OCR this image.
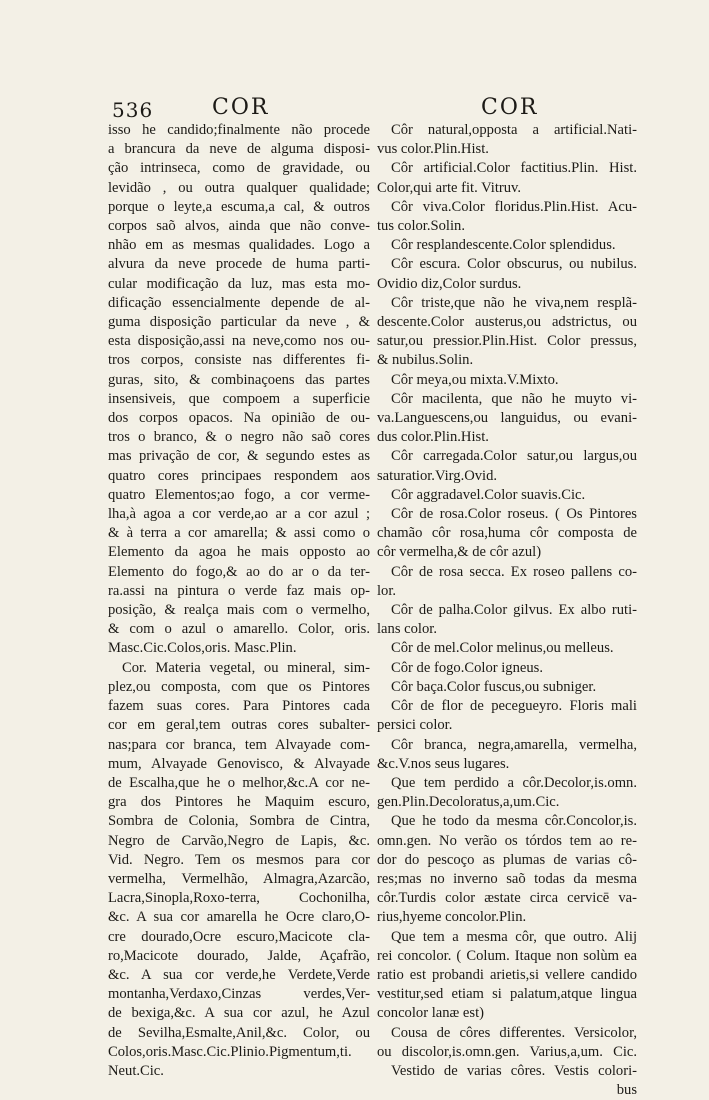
536	COR	COR
isso he candido;finalmente não procede
a brancura da neve de alguma disposi-
ção intrinseca, como de gravidade, ou
levidão , ou outra qualquer qualidade;
porque o leyte,a escuma,a cal, & outros
corpos saõ alvos, ainda que não conve-
nhão em as mesmas qualidades. Logo a
alvura da neve procede de huma parti-
cular modificação da luz, mas esta mo-
dificação essencialmente depende de al-
guma disposição particular da neve , &
esta disposição,assi na neve,como nos ou-
tros corpos, consiste nas differentes fi-
guras, sito, & combinaçoens das partes
insensiveis, que compoem a superficie
dos corpos opacos. Na opinião de ou-
tros o branco, & o negro não saõ cores
mas privação de cor, & segundo estes as
quatro cores principaes respondem aos
quatro Elementos;ao fogo, a cor verme-
lha,à agoa a cor verde,ao ar a cor azul ;
& à terra a cor amarella; & assi como o
Elemento da agoa he mais opposto ao
Elemento do fogo,& ao do ar o da ter-
ra.assi na pintura o verde faz mais op-
posição, & realça mais com o vermelho,
& com o azul o amarello. Color, oris.
Masc.Cic.Colos,oris. Masc.Plin.
Cor. Materia vegetal, ou mineral, sim-
plez,ou composta, com que os Pintores
fazem suas cores. Para Pintores cada
cor em geral,tem outras cores subalter-
nas;para cor branca, tem Alvayade com-
mum, Alvayade Genovisco, & Alvayade
de Escalha,que he o melhor,&c.A cor ne-
gra dos Pintores he Maquim escuro,
Sombra de Colonia, Sombra de Cintra,
Negro de Carvão,Negro de Lapis, &c.
Vid. Negro. Tem os mesmos para cor
vermelha, Vermelhão, Almagra,Azarcão,
Lacra,Sinopla,Roxo-terra, Cochonilha,
&c. A sua cor amarella he Ocre claro,O-
cre dourado,Ocre escuro,Macicote cla-
ro,Macicote dourado, Jalde, Açafrão,
&c. A sua cor verde,he Verdete,Verde
montanha,Verdaxo,Cinzas verdes,Ver-
de bexiga,&c. A sua cor azul, he Azul
de Sevilha,Esmalte,Anil,&c. Color, ou
Colos,oris.Masc.Cic.Plinio.Pigmentum,ti.
Neut.Cic.
Côr natural,opposta a artificial.Nati-
vus color.Plin.Hist.
Côr artificial.Color factitius.Plin. Hist.
Color,qui arte fit. Vitruv.
Côr viva.Color floridus.Plin.Hist. Acu-
tus color.Solin.
Côr resplandescente.Color splendidus.
Côr escura. Color obscurus, ou nubilus.
Ovidio diz,Color surdus.
Côr triste,que não he viva,nem resplã-
descente.Color austerus,ou adstrictus, ou
satur,ou pressior.Plin.Hist. Color pressus,
& nubilus.Solin.
Côr meya,ou mixta.V.Mixto.
Côr macilenta, que não he muyto vi-
va.Languescens,ou languidus, ou evani-
dus color.Plin.Hist.
Côr carregada.Color satur,ou largus,ou
saturatior.Virg.Ovid.
Côr aggradavel.Color suavis.Cic.
Côr de rosa.Color roseus. ( Os Pintores
chamão côr rosa,huma côr composta de
côr vermelha,& de côr azul)
Côr de rosa secca. Ex roseo pallens co-
lor.
Côr de palha.Color gilvus. Ex albo ruti-
lans color.
Côr de mel.Color melinus,ou melleus.
Côr de fogo.Color igneus.
Côr baça.Color fuscus,ou subniger.
Côr de flor de pecegueyro. Floris mali
persici color.
Côr branca, negra,amarella, vermelha,
&c.V.nos seus lugares.
Que tem perdido a côr.Decolor,is.omn.
gen.Plin.Decoloratus,a,um.Cic.
Que he todo da mesma côr.Concolor,is.
omn.gen. No verão os tórdos tem ao re-
dor do pescoço as plumas de varias cô-
res;mas no inverno saõ todas da mesma
côr.Turdis color æstate circa cervicē va-
rius,hyeme concolor.Plin.
Que tem a mesma côr, que outro. Alij
rei concolor. ( Colum. Itaque non solùm ea
ratio est probandi arietis,si vellere candido
vestitur,sed etiam si palatum,atque lingua
concolor lanæ est)
Cousa de côres differentes. Versicolor,
ou discolor,is.omn.gen. Varius,a,um. Cic.
Vestido de varias côres. Vestis colori-
bus
